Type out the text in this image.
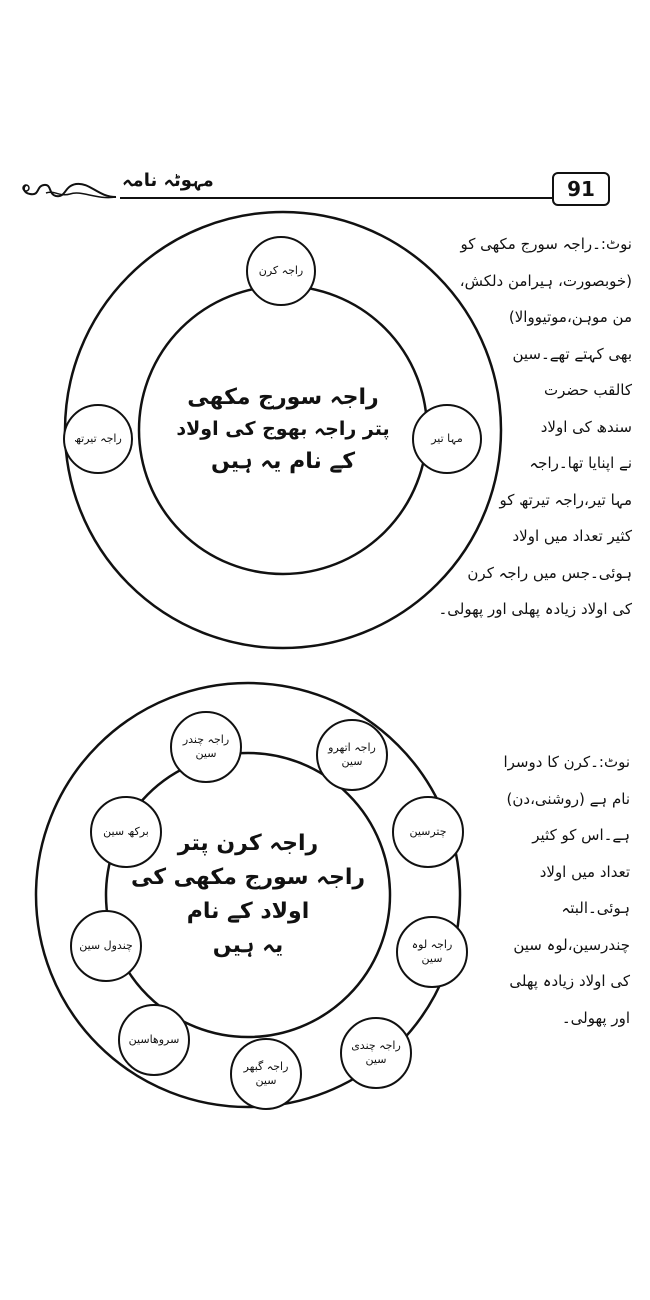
91
مہوٹہ نامہ
راجہ سورج مکھی
پتر راجہ بھوج کی اولاد
کے نام یہ ہیں
راجہ کرن
راجہ تیرتھ	مہا تیر
نوٹ:۔راجہ سورج مکھی کو
(خوبصورت، ہیرامن دلکش،
من موہن،موتیووالا)
بھی کہتے تھے۔سین
کالقب حضرت
سندھ کی اولاد
نے اپنایا تھا۔راجہ
مہا تیر،راجہ تیرتھ کو
کثیر تعداد میں اولاد
ہوئی۔جس میں راجہ کرن
کی اولاد زیادہ پھلی اور پھولی۔
راجہ کرن پتر
راجہ سورج مکھی کی
اولاد کے نام
یہ ہیں
راجہ چندر سین	راجہ اتھرو سین
چترسین
راجہ لوہ سین
راجہ چندی سین
راجہ گبھر سین
سروھاسین
چندول سین
برکھ سین
نوٹ:۔کرن کا دوسرا
نام ہے (روشنی،دن)
ہے۔اس کو کثیر
تعداد میں اولاد
ہوئی۔البتہ
چندرسین،لوہ سین
کی اولاد زیادہ پھلی
اور پھولی۔
